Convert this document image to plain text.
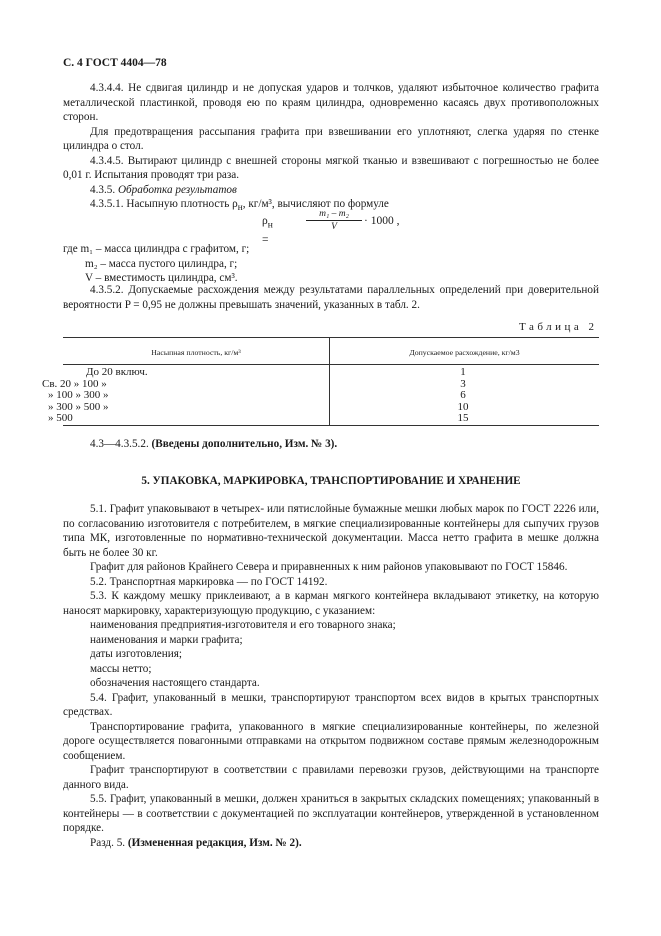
С. 4 ГОСТ 4404—78

4.3.4.4. Не сдвигая цилиндр и не допуская ударов и толчков, удаляют избыточное количество графита металлической пластинкой, проводя ею по краям цилиндра, одновременно касаясь двух противоположных сторон.

Для предотвращения рассыпания графита при взвешивании его уплотняют, слегка ударяя по стенке цилиндра о стол.

4.3.4.5. Вытирают цилиндр с внешней стороны мягкой тканью и взвешивают с погрешностью не более 0,01 г. Испытания проводят три раза.

4.3.5. Обработка результатов

4.3.5.1. Насыпную плотность $\rho_н$, кг/м³, вычисляют по формуле

$\rho_н$ =
$\frac{\text{m₁ – m₂}}{V} \cdot 1000$ ,
где m₁ – масса цилиндра с графитом, г;
m₂ – масса пустого цилиндра, г;
V – вместимость цилиндра, см³.

4.3.5.2. Допускаемые расхождения между результатами параллельных определений при доверительной вероятности P = 0,95 не должны превышать значений, указанных в табл. 2.

Таблица 2
Насыпная плотность, кг/м³	Допускаемое расхождение, кг/м3
До 20 включ.	1
Св. 20 » 100 »	3
» 100 » 300 »	6
» 300 » 500 »	10
» 500	15

4.3—4.3.5.2. (Введены дополнительно, Изм. № 3).

5. УПАКОВКА, МАРКИРОВКА, ТРАНСПОРТИРОВАНИЕ И ХРАНЕНИЕ

5.1. Графит упаковывают в четырех- или пятислойные бумажные мешки любых марок по ГОСТ 2226 или, по согласованию изготовителя с потребителем, в мягкие специализированные контейнеры для сыпучих грузов типа МК, изготовленные по нормативно-технической документации. Масса нетто графита в мешке должна быть не более 30 кг.

Графит для районов Крайнего Севера и приравненных к ним районов упаковывают по ГОСТ 15846.

5.2. Транспортная маркировка — по ГОСТ 14192.

5.3. К каждому мешку приклеивают, а в карман мягкого контейнера вкладывают этикетку, на которую наносят маркировку, характеризующую продукцию, с указанием:

наименования предприятия-изготовителя и его товарного знака;

наименования и марки графита;

даты изготовления;

массы нетто;

обозначения настоящего стандарта.

5.4. Графит, упакованный в мешки, транспортируют транспортом всех видов в крытых транспортных средствах.

Транспортирование графита, упакованного в мягкие специализированные контейнеры, по железной дороге осуществляется повагонными отправками на открытом подвижном составе прямым железнодорожным сообщением.

Графит транспортируют в соответствии с правилами перевозки грузов, действующими на транспорте данного вида.

5.5. Графит, упакованный в мешки, должен храниться в закрытых складских помещениях; упакованный в контейнеры — в соответствии с документацией по эксплуатации контейнеров, утвержденной в установленном порядке.

Разд. 5. (Измененная редакция, Изм. № 2).
